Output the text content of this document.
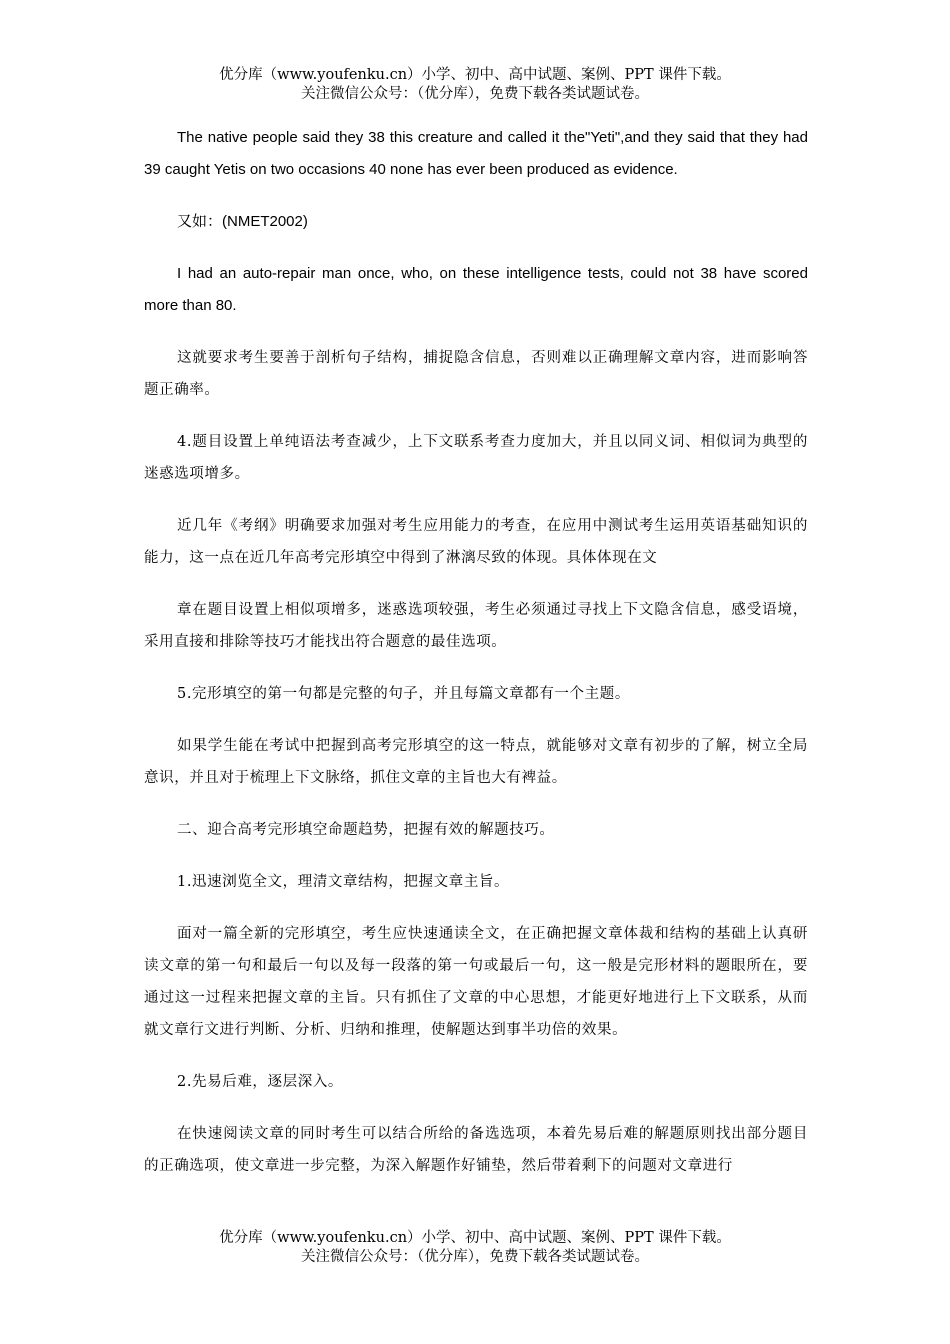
优分库（www.youfenku.cn）小学、初中、高中试题、案例、PPT 课件下载。
关注微信公众号：（优分库），免费下载各类试题试卷。

The native people said they 38 this creature and called it the"Yeti",and they said that they had 39 caught Yetis on two occasions 40 none has ever been produced as evidence.

又如：(NMET2002)

I had an auto-repair man once, who, on these intelligence tests, could not 38 have scored more than 80.

这就要求考生要善于剖析句子结构，捕捉隐含信息，否则难以正确理解文章内容，进而影响答题正确率。

4.题目设置上单纯语法考查减少，上下文联系考查力度加大，并且以同义词、相似词为典型的迷惑选项增多。

近几年《考纲》明确要求加强对考生应用能力的考查，在应用中测试考生运用英语基础知识的能力，这一点在近几年高考完形填空中得到了淋漓尽致的体现。具体体现在文

章在题目设置上相似项增多，迷惑选项较强，考生必须通过寻找上下文隐含信息，感受语境，采用直接和排除等技巧才能找出符合题意的最佳选项。

5.完形填空的第一句都是完整的句子，并且每篇文章都有一个主题。

如果学生能在考试中把握到高考完形填空的这一特点，就能够对文章有初步的了解，树立全局意识，并且对于梳理上下文脉络，抓住文章的主旨也大有裨益。

二、迎合高考完形填空命题趋势，把握有效的解题技巧。

1.迅速浏览全文，理清文章结构，把握文章主旨。

面对一篇全新的完形填空，考生应快速通读全文，在正确把握文章体裁和结构的基础上认真研读文章的第一句和最后一句以及每一段落的第一句或最后一句，这一般是完形材料的题眼所在，要通过这一过程来把握文章的主旨。只有抓住了文章的中心思想，才能更好地进行上下文联系，从而就文章行文进行判断、分析、归纳和推理，使解题达到事半功倍的效果。

2.先易后难，逐层深入。

在快速阅读文章的同时考生可以结合所给的备选选项，本着先易后难的解题原则找出部分题目的正确选项，使文章进一步完整，为深入解题作好铺垫，然后带着剩下的问题对文章进行

优分库（www.youfenku.cn）小学、初中、高中试题、案例、PPT 课件下载。
关注微信公众号：（优分库），免费下载各类试题试卷。
